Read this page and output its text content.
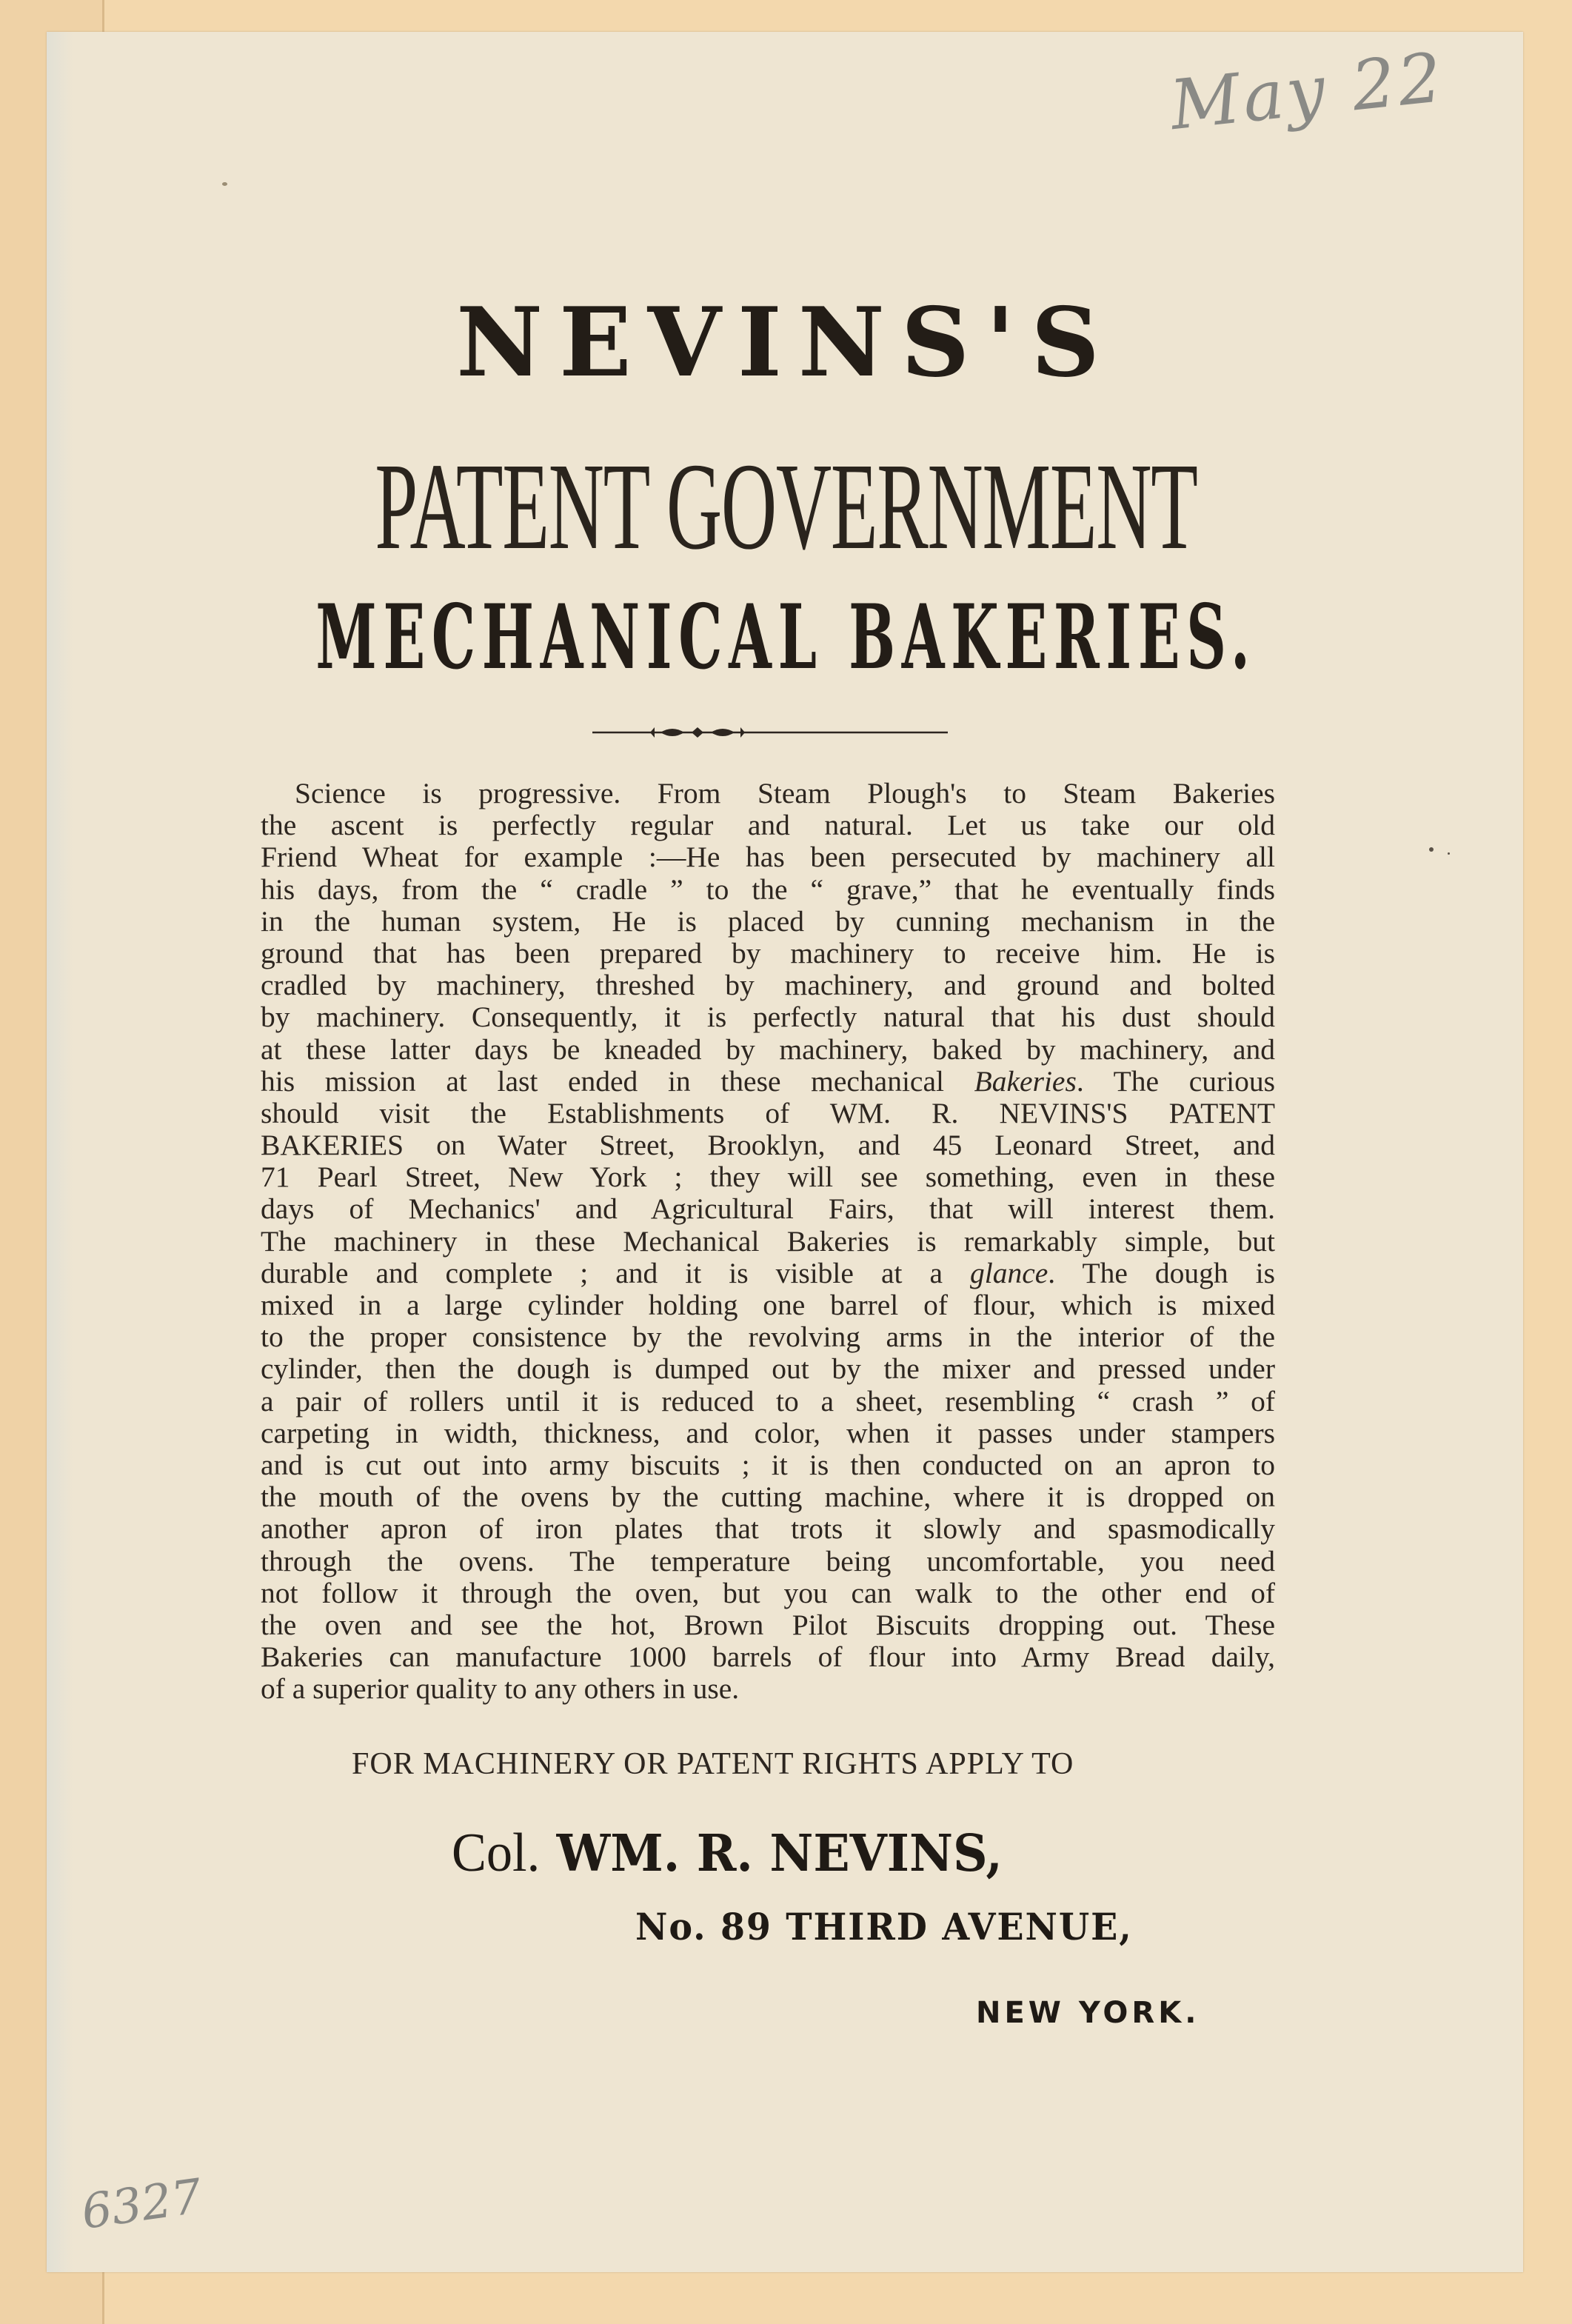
May 22
6327
NEVINS'S
PATENT GOVERNMENT
MECHANICAL BAKERIES.
Science is progressive. From Steam Plough's to Steam Bakeries
the ascent is perfectly regular and natural. Let us take our old
Friend Wheat for example :—He has been persecuted by machinery all
his days, from the “ cradle ” to the “ grave,” that he eventually finds
in the human system, He is placed by cunning mechanism in the
ground that has been prepared by machinery to receive him. He is
cradled by machinery, threshed by machinery, and ground and bolted
by machinery. Consequently, it is perfectly natural that his dust should
at these latter days be kneaded by machinery, baked by machinery, and
his mission at last ended in these mechanical Bakeries. The curious
should visit the Establishments of WM. R. NEVINS'S PATENT
BAKERIES on Water Street, Brooklyn, and 45 Leonard Street, and
71 Pearl Street, New York ; they will see something, even in these
days of Mechanics' and Agricultural Fairs, that will interest them.
The machinery in these Mechanical Bakeries is remarkably simple, but
durable and complete ; and it is visible at a glance. The dough is
mixed in a large cylinder holding one barrel of flour, which is mixed
to the proper consistence by the revolving arms in the interior of the
cylinder, then the dough is dumped out by the mixer and pressed under
a pair of rollers until it is reduced to a sheet, resembling “ crash ” of
carpeting in width, thickness, and color, when it passes under stampers
and is cut out into army biscuits ; it is then conducted on an apron to
the mouth of the ovens by the cutting machine, where it is dropped on
another apron of iron plates that trots it slowly and spasmodically
through the ovens. The temperature being uncomfortable, you need
not follow it through the oven, but you can walk to the other end of
the oven and see the hot, Brown Pilot Biscuits dropping out. These
Bakeries can manufacture 1000 barrels of flour into Army Bread daily,
of a superior quality to any others in use.
FOR MACHINERY OR PATENT RIGHTS APPLY TO
Col. WM. R. NEVINS,
No. 89 THIRD AVENUE,
NEW YORK.
